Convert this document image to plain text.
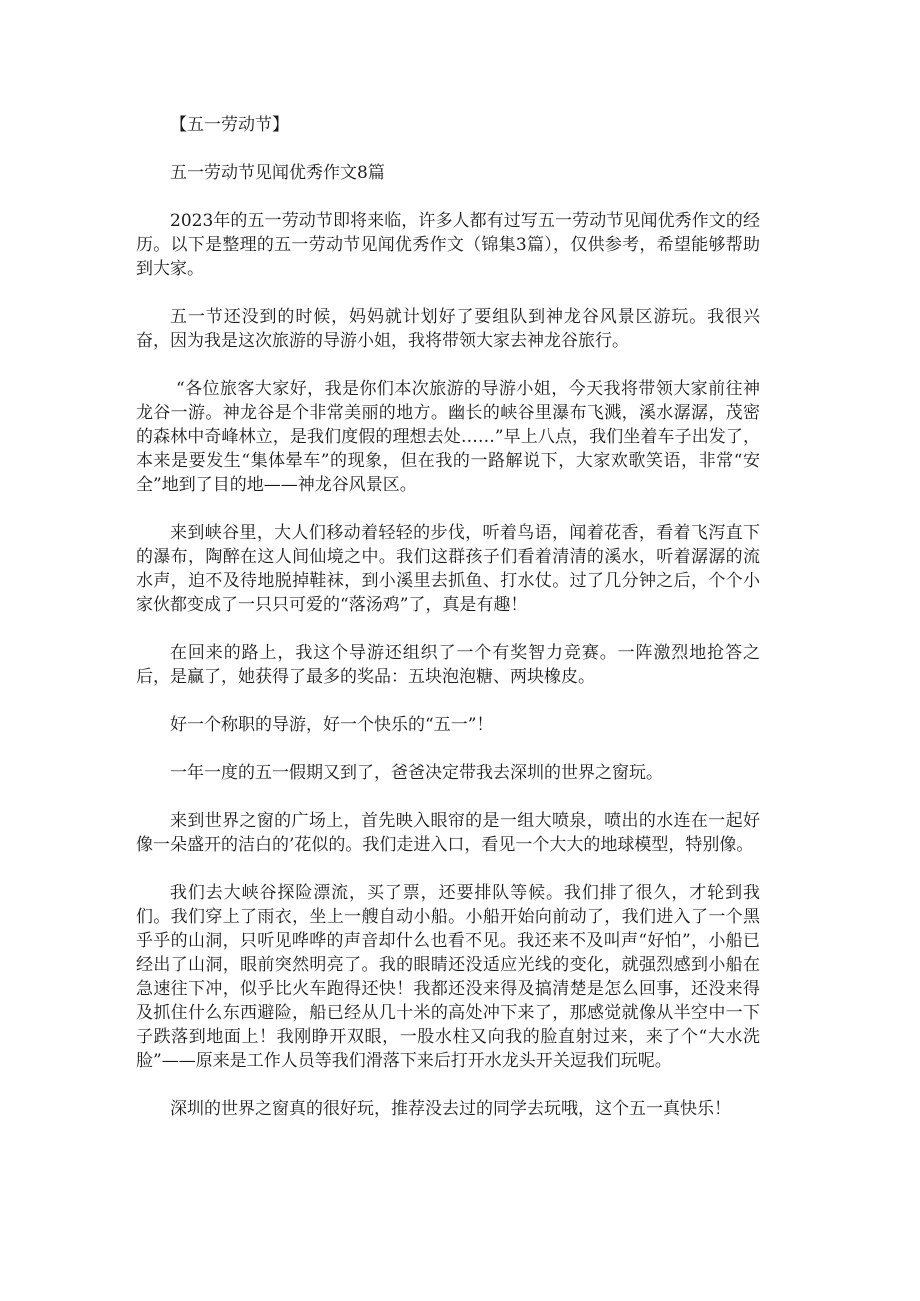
【五一劳动节】

五一劳动节见闻优秀作文8篇

2023年的五一劳动节即将来临，许多人都有过写五一劳动节见闻优秀作文的经历。以下是整理的五一劳动节见闻优秀作文（锦集3篇），仅供参考，希望能够帮助到大家。

五一节还没到的时候，妈妈就计划好了要组队到神龙谷风景区游玩。我很兴奋，因为我是这次旅游的导游小姐，我将带领大家去神龙谷旅行。

“各位旅客大家好，我是你们本次旅游的导游小姐，今天我将带领大家前往神龙谷一游。神龙谷是个非常美丽的地方。幽长的峡谷里瀑布飞溅，溪水潺潺，茂密的森林中奇峰林立，是我们度假的理想去处……”早上八点，我们坐着车子出发了，本来是要发生“集体晕车”的现象，但在我的一路解说下，大家欢歌笑语，非常“安全”地到了目的地——神龙谷风景区。

来到峡谷里，大人们移动着轻轻的步伐，听着鸟语，闻着花香，看着飞泻直下的瀑布，陶醉在这人间仙境之中。我们这群孩子们看着清清的溪水，听着潺潺的流水声，迫不及待地脱掉鞋袜，到小溪里去抓鱼、打水仗。过了几分钟之后，个个小家伙都变成了一只只可爱的“落汤鸡”了，真是有趣！

在回来的路上，我这个导游还组织了一个有奖智力竞赛。一阵激烈地抢答之后，是赢了，她获得了最多的奖品：五块泡泡糖、两块橡皮。

好一个称职的导游，好一个快乐的“五一”！

一年一度的五一假期又到了，爸爸决定带我去深圳的世界之窗玩。

来到世界之窗的广场上，首先映入眼帘的是一组大喷泉，喷出的水连在一起好像一朵盛开的洁白的’花似的。我们走进入口，看见一个大大的地球模型，特别像。

我们去大峡谷探险漂流，买了票，还要排队等候。我们排了很久，才轮到我们。我们穿上了雨衣，坐上一艘自动小船。小船开始向前动了，我们进入了一个黑乎乎的山洞，只听见哗哗的声音却什么也看不见。我还来不及叫声“好怕”，小船已经出了山洞，眼前突然明亮了。我的眼睛还没适应光线的变化，就强烈感到小船在急速往下冲，似乎比火车跑得还快！我都还没来得及搞清楚是怎么回事，还没来得及抓住什么东西避险，船已经从几十米的高处冲下来了，那感觉就像从半空中一下子跌落到地面上！我刚睁开双眼，一股水柱又向我的脸直射过来，来了个“大水洗脸”——原来是工作人员等我们滑落下来后打开水龙头开关逗我们玩呢。

深圳的世界之窗真的很好玩，推荐没去过的同学去玩哦，这个五一真快乐！
